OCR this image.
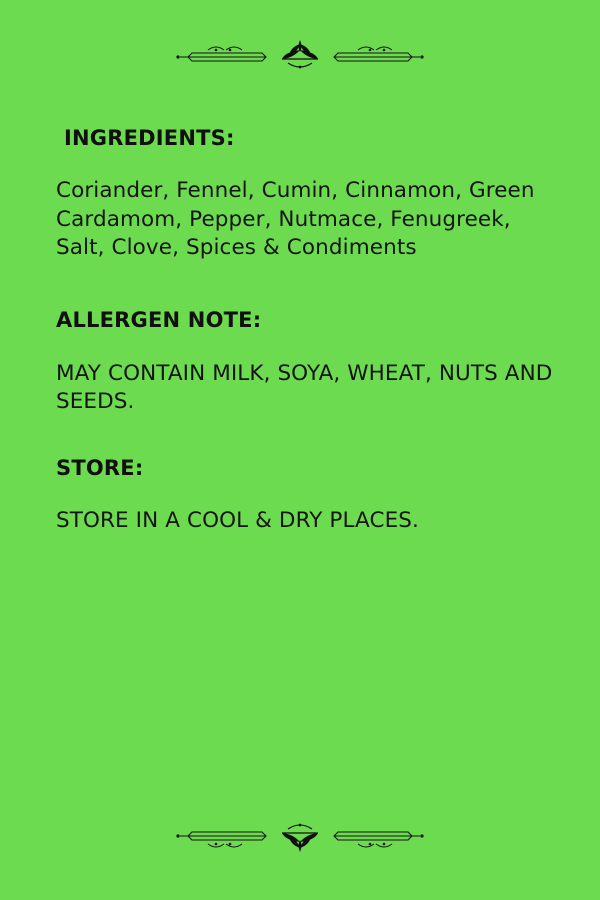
INGREDIENTS:

Coriander, Fennel, Cumin, Cinnamon, Green Cardamom, Pepper, Nutmace, Fenugreek, Salt, Clove, Spices & Condiments

ALLERGEN NOTE:

MAY CONTAIN MILK, SOYA, WHEAT, NUTS AND SEEDS.

STORE:

STORE IN A COOL & DRY PLACES.
